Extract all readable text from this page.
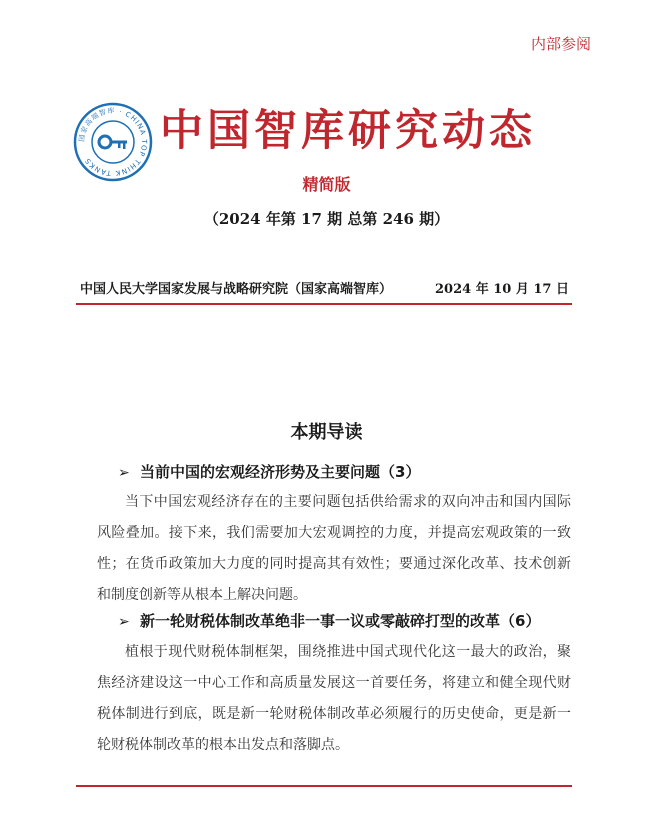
内部参阅
国家高端智库 · CHINA TOP THINK TANKS
中国智库研究动态
精简版
（2024 年第 17 期 总第 246 期）
中国人民大学国家发展与战略研究院（国家高端智库）	2024 年 10 月 17 日
本期导读
➢ 当前中国的宏观经济形势及主要问题（3）
当下中国宏观经济存在的主要问题包括供给需求的双向冲击和国内国际风险叠加。接下来，我们需要加大宏观调控的力度，并提高宏观政策的一致性；在货币政策加大力度的同时提高其有效性；要通过深化改革、技术创新和制度创新等从根本上解决问题。
➢ 新一轮财税体制改革绝非一事一议或零敲碎打型的改革（6）
植根于现代财税体制框架，围绕推进中国式现代化这一最大的政治，聚焦经济建设这一中心工作和高质量发展这一首要任务，将建立和健全现代财税体制进行到底，既是新一轮财税体制改革必须履行的历史使命，更是新一轮财税体制改革的根本出发点和落脚点。
